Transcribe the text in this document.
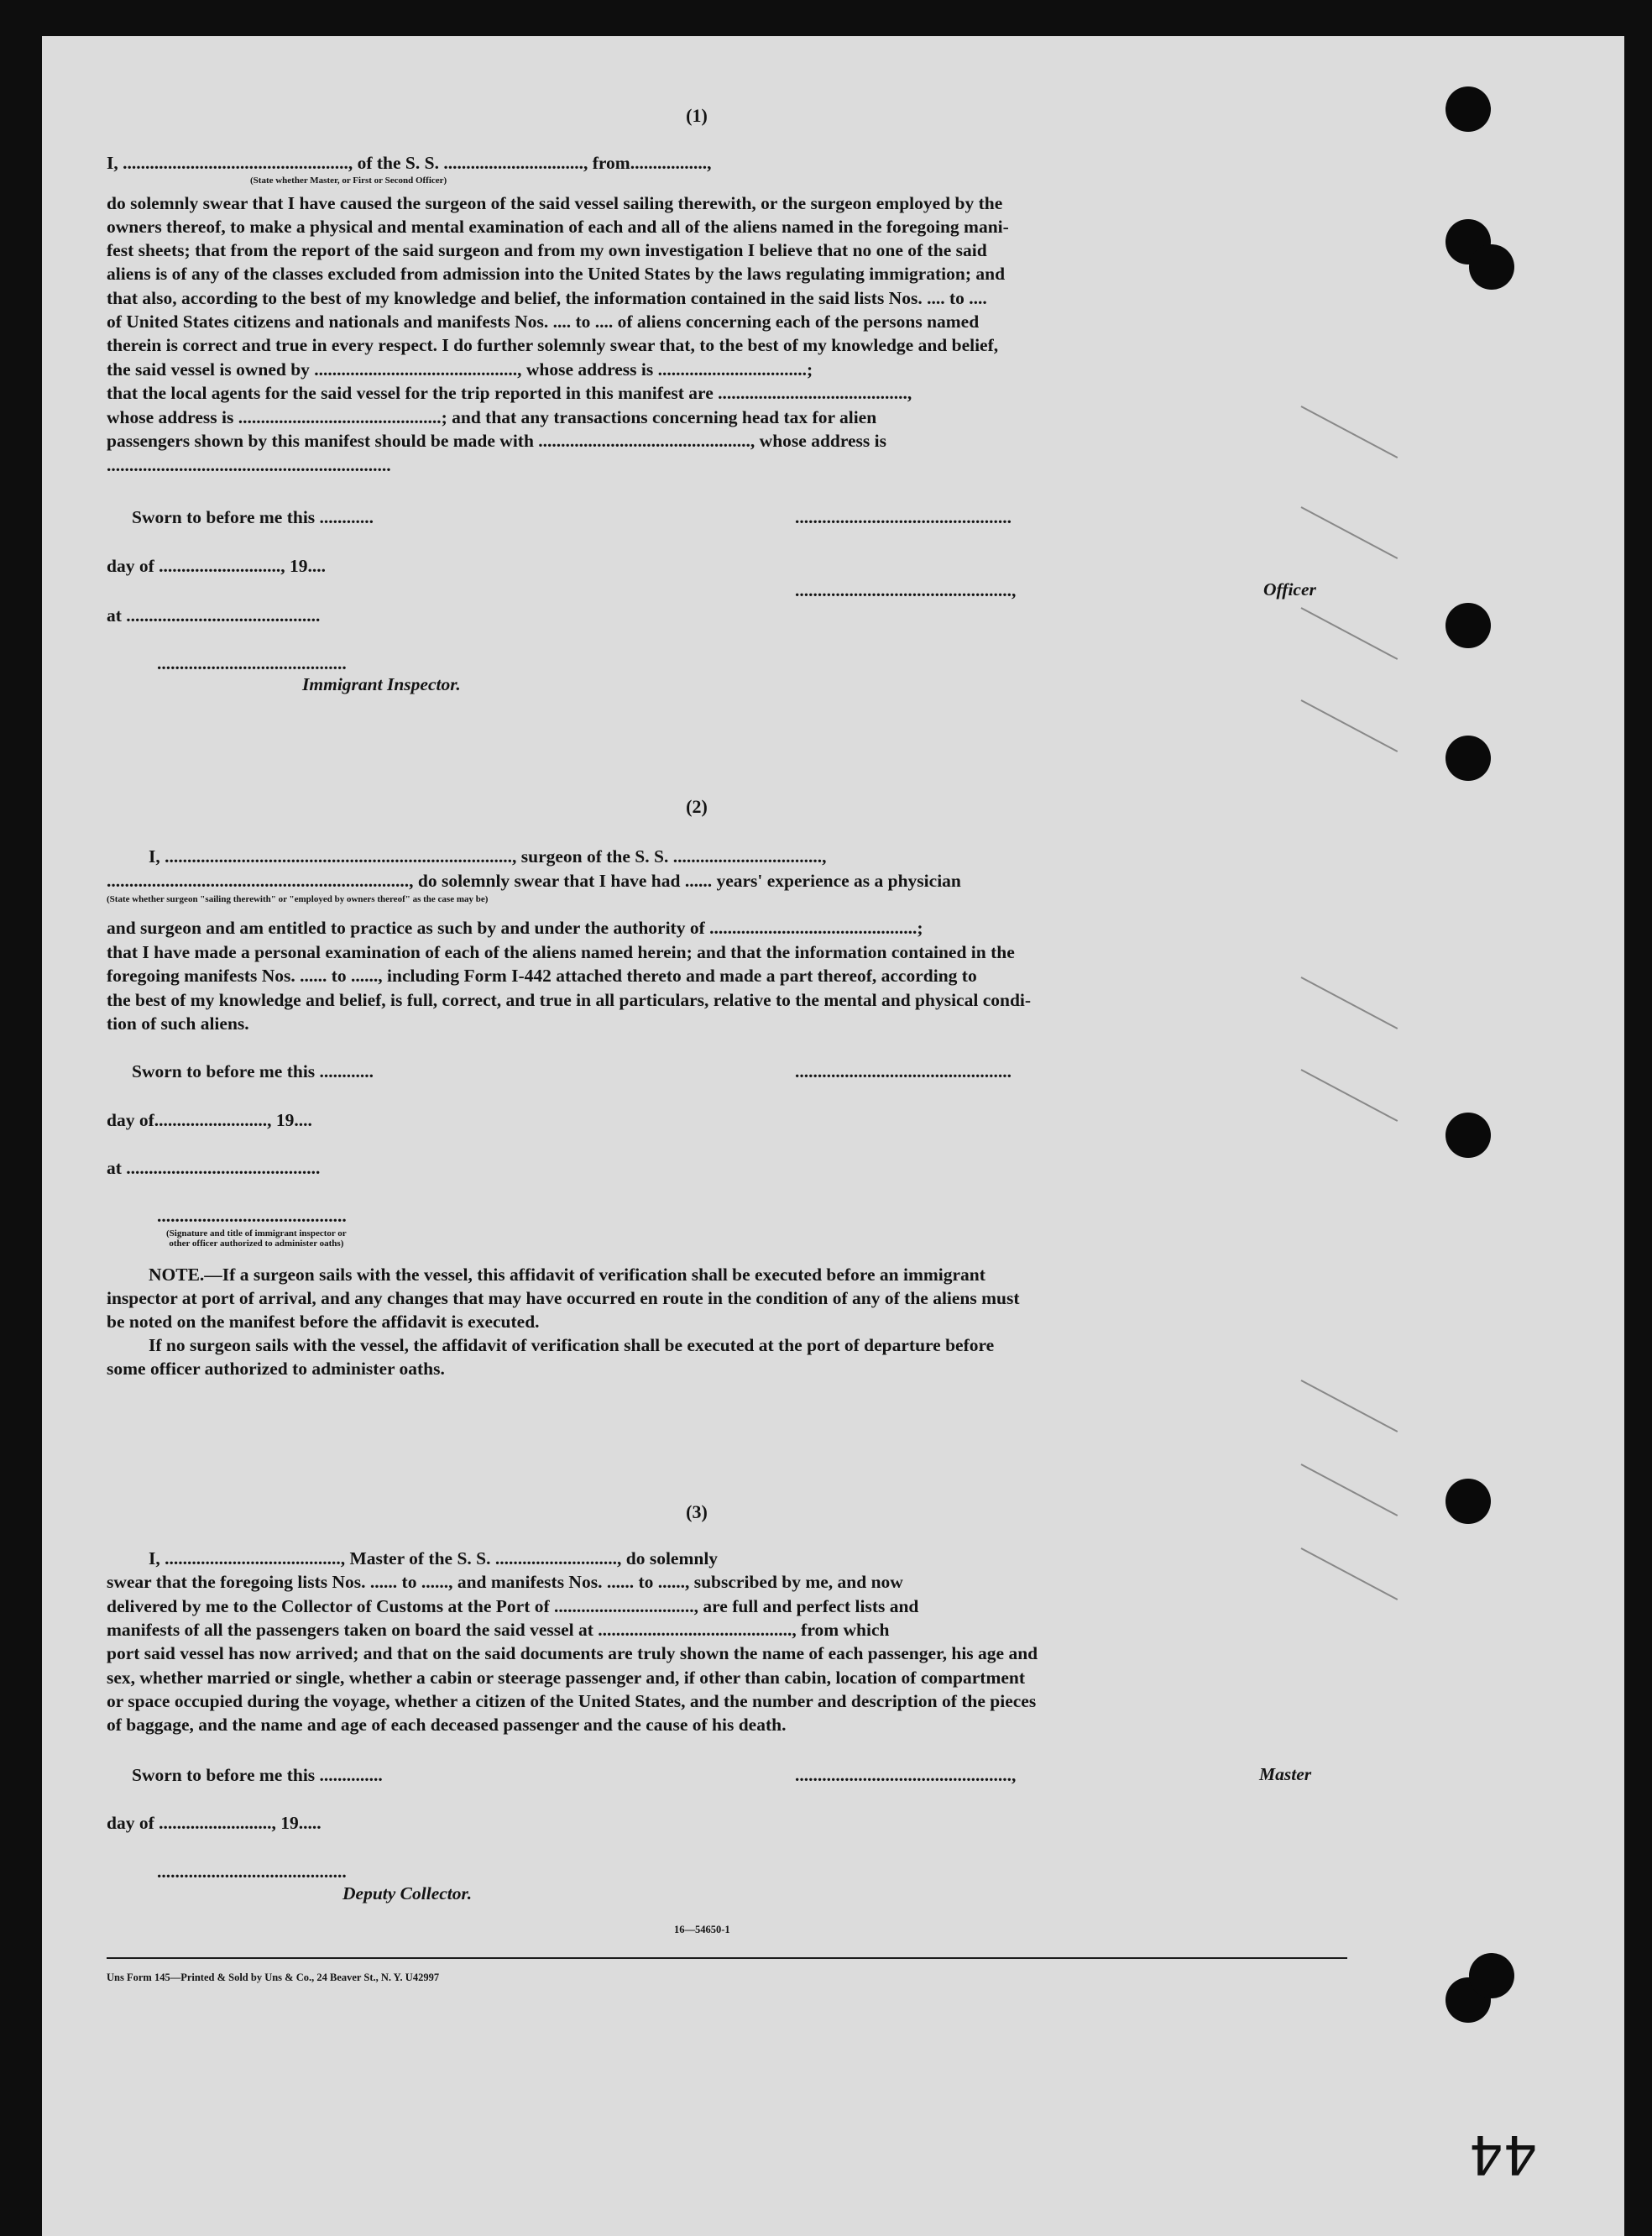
(1)
I, .................................................., of the S. S. ..............................., from.................,
(State whether Master, or First or Second Officer)
do solemnly swear that I have caused the surgeon of the said vessel sailing therewith, or the surgeon employed by the
owners thereof, to make a physical and mental examination of each and all of the aliens named in the foregoing mani-
fest sheets; that from the report of the said surgeon and from my own investigation I believe that no one of the said
aliens is of any of the classes excluded from admission into the United States by the laws regulating immigration; and
that also, according to the best of my knowledge and belief, the information contained in the said lists Nos. .... to ....
of United States citizens and nationals and manifests Nos. .... to .... of aliens concerning each of the persons named
therein is correct and true in every respect. I do further solemnly swear that, to the best of my knowledge and belief,
the said vessel is owned by ............................................., whose address is .................................;
that the local agents for the said vessel for the trip reported in this manifest are ..........................................,
whose address is .............................................; and that any transactions concerning head tax for alien
passengers shown by this manifest should be made with ..............................................., whose address is
...............................................................
Sworn to before me this ............	................................................
day of ..........................., 19....
................................................,	Officer
at ...........................................
..........................................
Immigrant Inspector.
(2)
I, ............................................................................., surgeon of the S. S. .................................,
..................................................................., do solemnly swear that I have had ...... years' experience as a physician
(State whether surgeon "sailing therewith" or "employed by owners thereof" as the case may be)
and surgeon and am entitled to practice as such by and under the authority of ..............................................;
that I have made a personal examination of each of the aliens named herein; and that the information contained in the
foregoing manifests Nos. ...... to ......, including Form I-442 attached thereto and made a part thereof, according to
the best of my knowledge and belief, is full, correct, and true in all particulars, relative to the mental and physical condi-
tion of such aliens.
Sworn to before me this ............	................................................
day of........................., 19....
at ...........................................
..........................................
(Signature and title of immigrant inspector or
other officer authorized to administer oaths)
NOTE.—If a surgeon sails with the vessel, this affidavit of verification shall be executed before an immigrant
inspector at port of arrival, and any changes that may have occurred en route in the condition of any of the aliens must
be noted on the manifest before the affidavit is executed.
If no surgeon sails with the vessel, the affidavit of verification shall be executed at the port of departure before
some officer authorized to administer oaths.
(3)
I, ......................................., Master of the S. S. ..........................., do solemnly
swear that the foregoing lists Nos. ...... to ......, and manifests Nos. ...... to ......, subscribed by me, and now
delivered by me to the Collector of Customs at the Port of ..............................., are full and perfect lists and
manifests of all the passengers taken on board the said vessel at ..........................................., from which
port said vessel has now arrived; and that on the said documents are truly shown the name of each passenger, his age and
sex, whether married or single, whether a cabin or steerage passenger and, if other than cabin, location of compartment
or space occupied during the voyage, whether a citizen of the United States, and the number and description of the pieces
of baggage, and the name and age of each deceased passenger and the cause of his death.
Sworn to before me this ..............	................................................,	Master
day of ........................., 19.....
..........................................
Deputy Collector.
16—54650-1
Uns Form 145—Printed & Sold by Uns & Co., 24 Beaver St., N. Y. U42997
44
